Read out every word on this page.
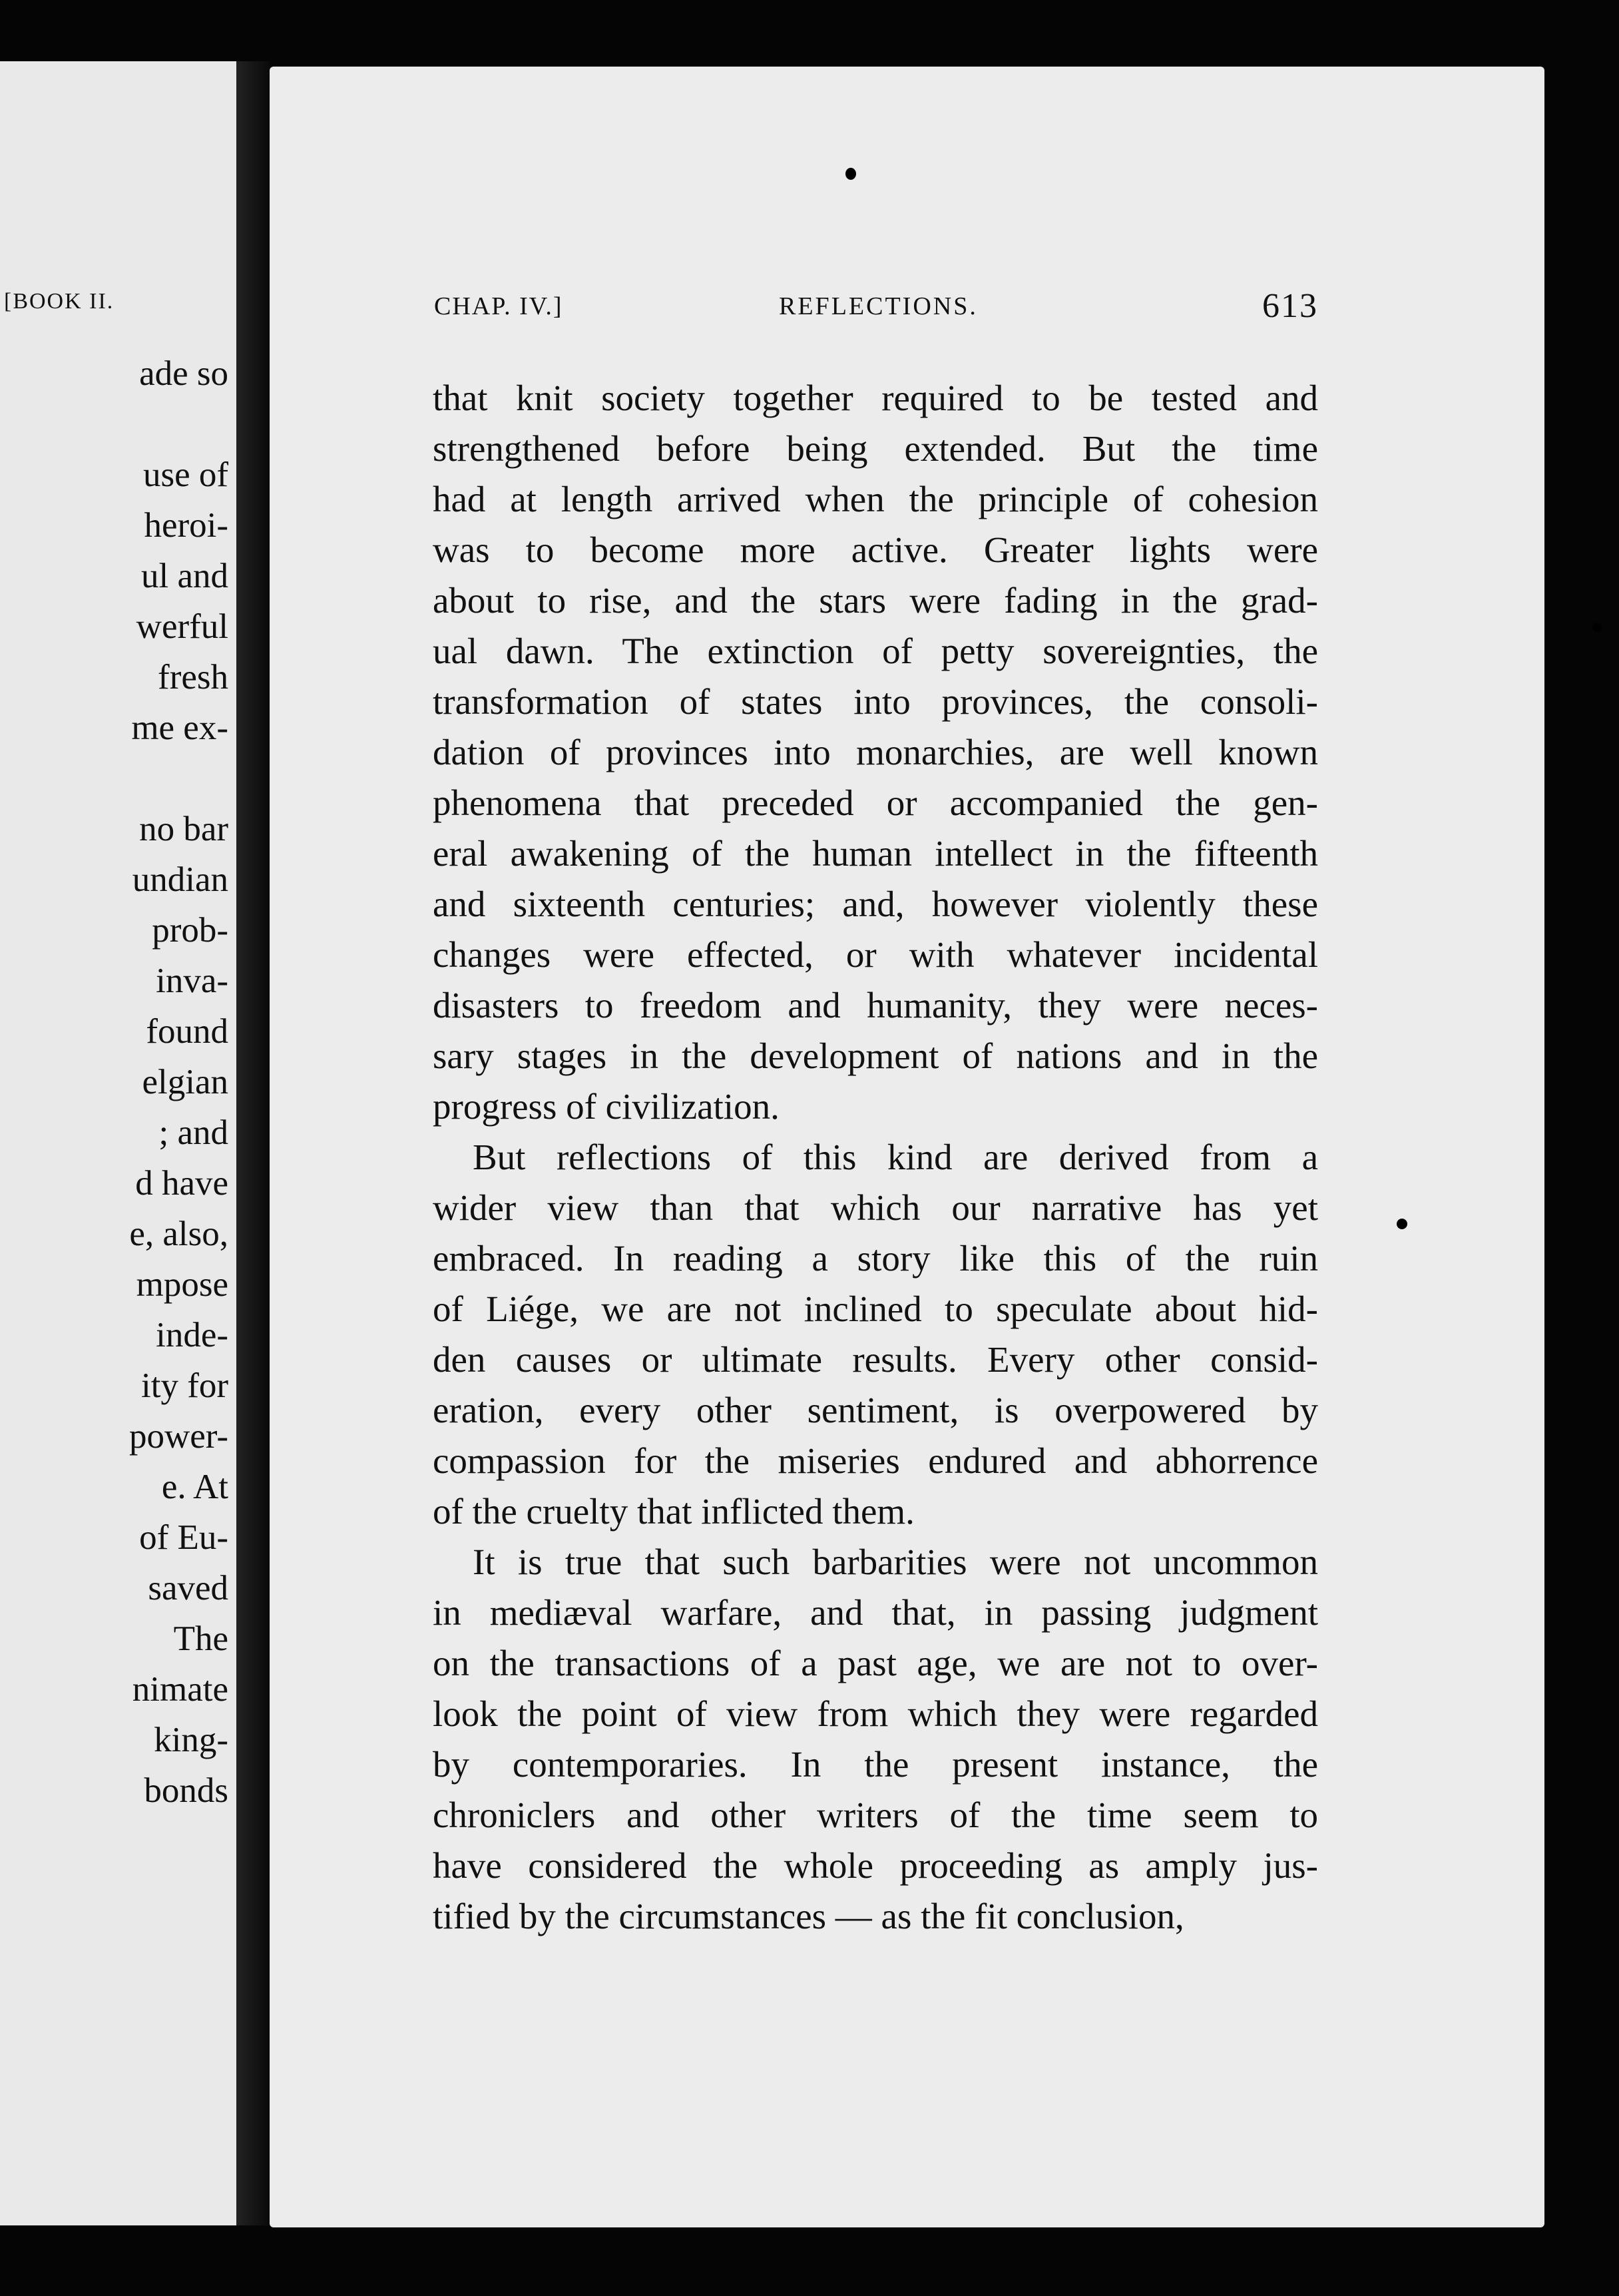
[BOOK II.
ade so
use of
heroi-
ul and
werful
fresh
me ex-
no bar
undian
prob-
inva-
found
elgian
; and
d have
e, also,
mpose
inde-
ity for
power-
e. At
of Eu-
saved
The
nimate
king-
bonds
CHAP. IV.]	REFLECTIONS.	613
that knit society together required to be tested and
strengthened before being extended. But the time
had at length arrived when the principle of cohesion
was to become more active. Greater lights were
about to rise, and the stars were fading in the grad-
ual dawn. The extinction of petty sovereignties, the
transformation of states into provinces, the consoli-
dation of provinces into monarchies, are well known
phenomena that preceded or accompanied the gen-
eral awakening of the human intellect in the fifteenth
and sixteenth centuries; and, however violently these
changes were effected, or with whatever incidental
disasters to freedom and humanity, they were neces-
sary stages in the development of nations and in the
progress of civilization.
But reflections of this kind are derived from a
wider view than that which our narrative has yet
embraced. In reading a story like this of the ruin
of Liége, we are not inclined to speculate about hid-
den causes or ultimate results. Every other consid-
eration, every other sentiment, is overpowered by
compassion for the miseries endured and abhorrence
of the cruelty that inflicted them.
It is true that such barbarities were not uncommon
in mediæval warfare, and that, in passing judgment
on the transactions of a past age, we are not to over-
look the point of view from which they were regarded
by contemporaries. In the present instance, the
chroniclers and other writers of the time seem to
have considered the whole proceeding as amply jus-
tified by the circumstances — as the fit conclusion,
